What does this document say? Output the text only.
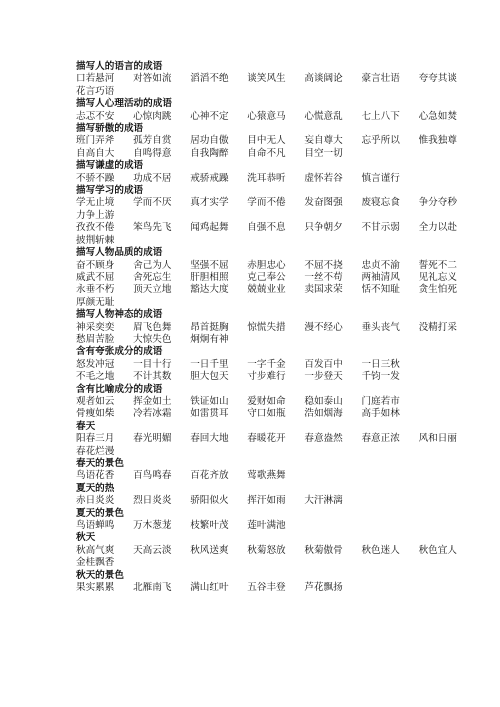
描写人的语言的成语
口若悬河	对答如流	滔滔不绝	谈笑风生	高谈阔论	豪言壮语	夸夸其谈
花言巧语
描写人心理活动的成语
忐忑不安	心惊肉跳	心神不定	心猿意马	心慌意乱	七上八下	心急如焚
描写骄傲的成语
班门弄斧	孤芳自赏	居功自傲	目中无人	妄自尊大	忘乎所以	惟我独尊
自高自大	自鸣得意	自我陶醉	自命不凡	目空一切
描写谦虚的成语
不骄不躁	功成不居	戒骄戒躁	洗耳恭听	虚怀若谷	慎言谨行
描写学习的成语
学无止境	学而不厌	真才实学	学而不倦	发奋图强	废寝忘食	争分夺秒
力争上游
孜孜不倦	笨鸟先飞	闻鸡起舞	自强不息	只争朝夕	不甘示弱	全力以赴
披荆斩棘
描写人物品质的成语
奋不顾身	舍己为人	坚强不屈	赤胆忠心	不屈不挠	忠贞不渝	誓死不二
威武不屈	舍死忘生	肝胆相照	克己奉公	一丝不苟	两袖清风	见礼忘义
永垂不朽	顶天立地	豁达大度	兢兢业业	卖国求荣	恬不知耻	贪生怕死
厚颜无耻
描写人物神态的成语
神采奕奕	眉飞色舞	昂首挺胸	惊慌失措	漫不经心	垂头丧气	没精打采
愁眉苦脸	大惊失色	炯炯有神
含有夸张成分的成语
怒发冲冠	一目十行	一日千里	一字千金	百发百中	一日三秋
不毛之地	不计其数	胆大包天	寸步难行	一步登天	千钧一发
含有比喻成分的成语
观者如云	挥金如土	铁证如山	爱财如命	稳如泰山	门庭若市
骨瘦如柴	冷若冰霜	如雷贯耳	守口如瓶	浩如烟海	高手如林
春天
阳春三月	春光明媚	春回大地	春暖花开	春意盎然	春意正浓	风和日丽
春花烂漫
春天的景色
鸟语花香	百鸟鸣春	百花齐放	莺歌燕舞
夏天的热
赤日炎炎	烈日炎炎	骄阳似火	挥汗如雨	大汗淋漓
夏天的景色
鸟语蝉鸣	万木葱茏	枝繁叶茂	莲叶满池
秋天
秋高气爽	天高云淡	秋风送爽	秋菊怒放	秋菊傲骨	秋色迷人	秋色宜人
金桂飘香
秋天的景色
果实累累	北雁南飞	满山红叶	五谷丰登	芦花飘扬
